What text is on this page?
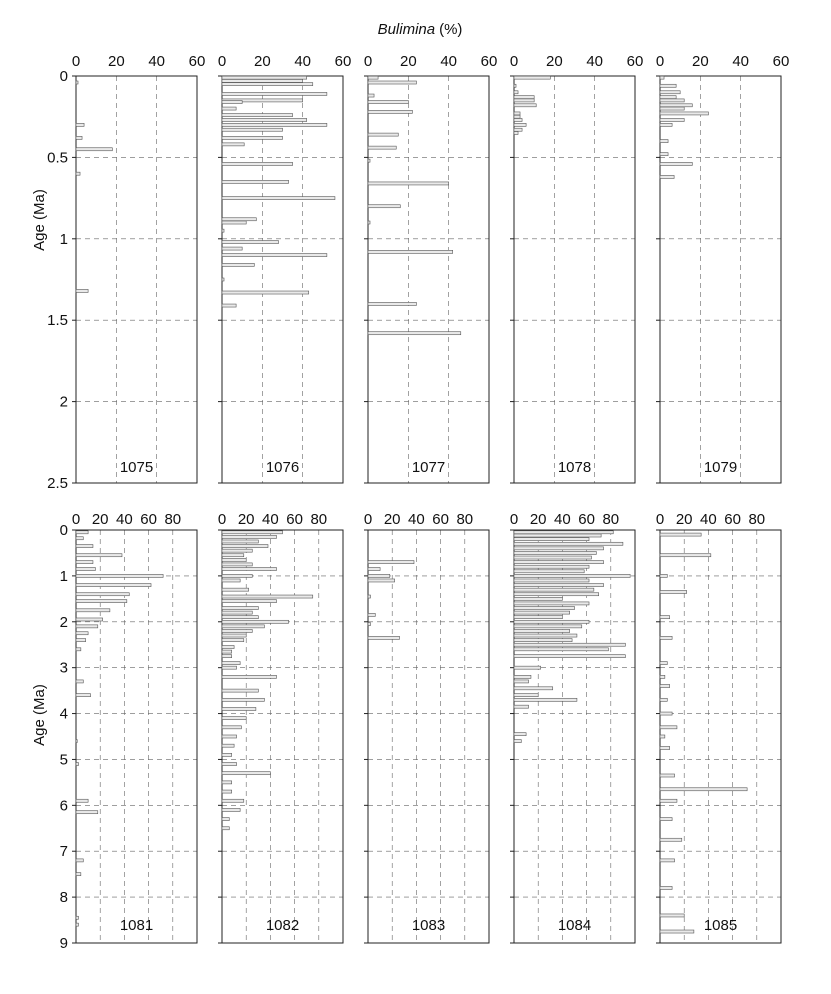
Bulimina (%)
Age (Ma)
Age (Ma)
0 20 40 60
0
0.5
1
1.5
2
2.5
1075
0 20 40 60
1076
0 20 40 60
1077
0 20 40 60
1078
0 20 40 60
1079
0 20 40 60 80
0
1
2
3
4
5
6
7
8
9
1081
0 20 40 60 80
1082
0 20 40 60 80
1083
0 20 40 60 80
1084
0 20 40 60 80
1085
